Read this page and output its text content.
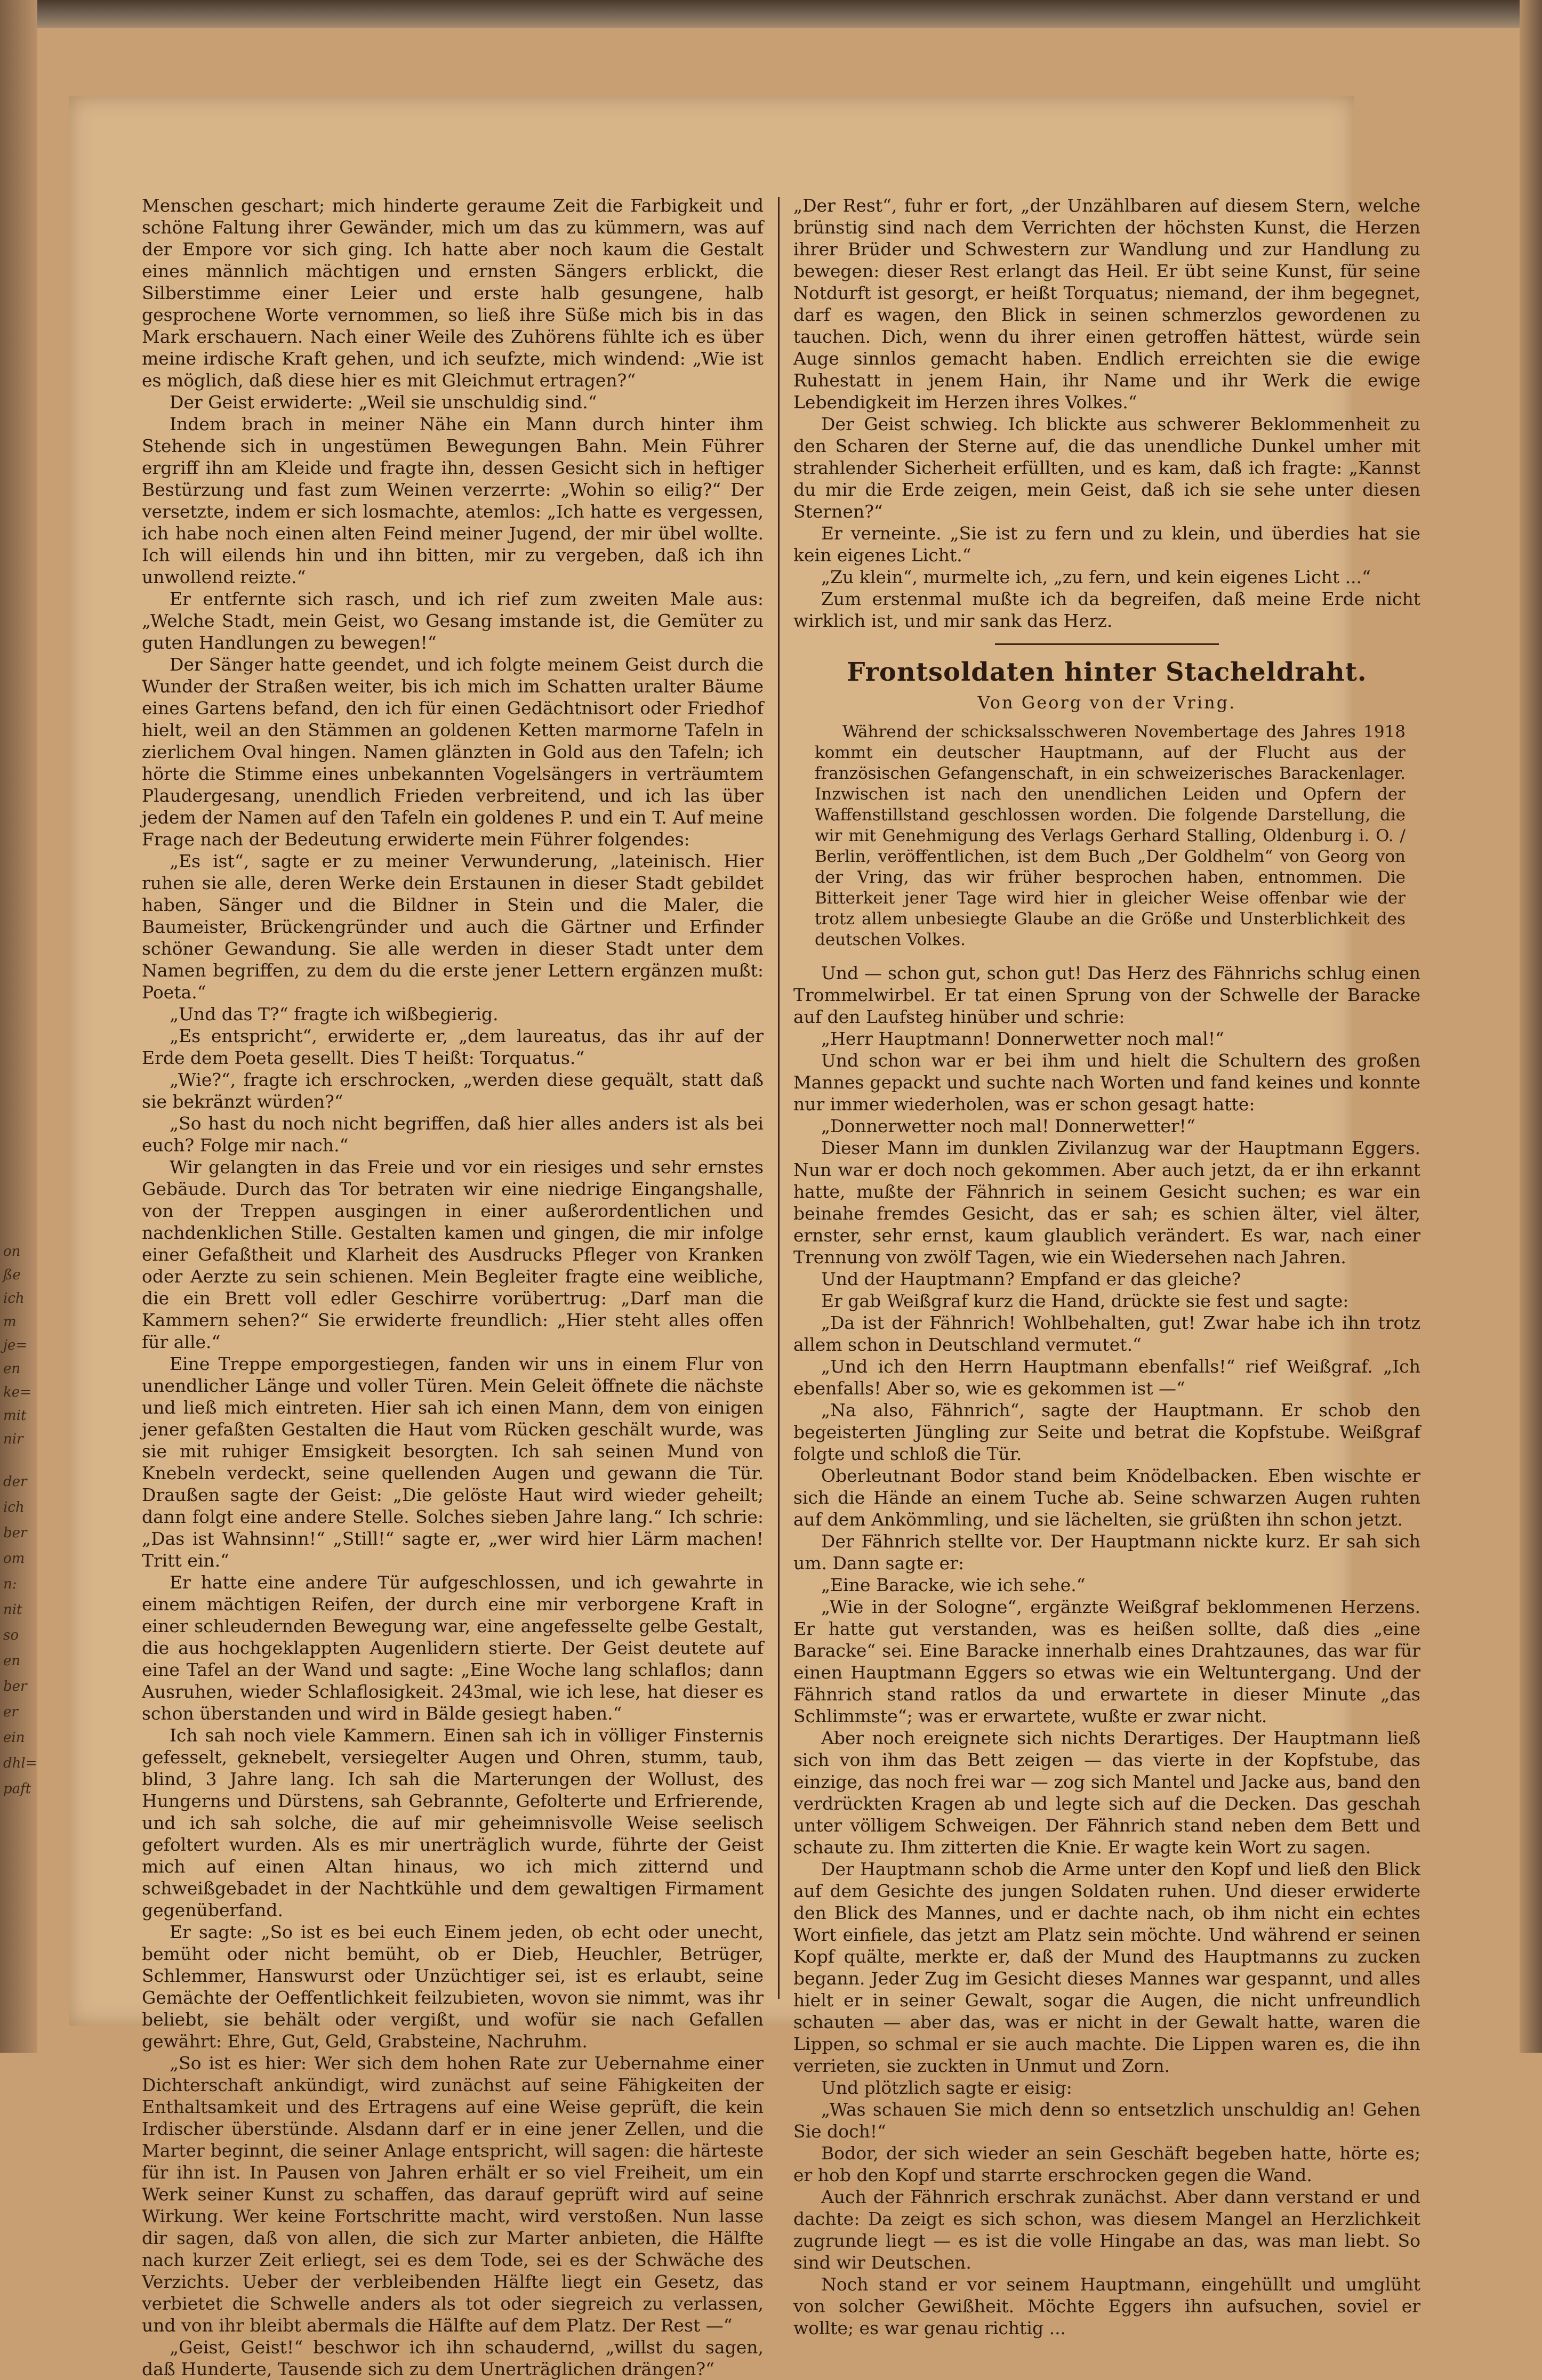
on
ße
ich
m
je=
en
ke=
mit
nir
der
ich
ber
om
n:
nit
so
en
ber
er
ein
dhl=
paft

Menschen geschart; mich hinderte geraume Zeit die Farbigkeit und schöne Faltung ihrer Gewänder, mich um das zu kümmern, was auf der Empore vor sich ging. Ich hatte aber noch kaum die Gestalt eines männlich mächtigen und ernsten Sängers erblickt, die Silberstimme einer Leier und erste halb gesungene, halb gesprochene Worte vernommen, so ließ ihre Süße mich bis in das Mark erschauern. Nach einer Weile des Zuhörens fühlte ich es über meine irdische Kraft gehen, und ich seufzte, mich windend: „Wie ist es möglich, daß diese hier es mit Gleichmut ertragen?“

Der Geist erwiderte: „Weil sie unschuldig sind.“

Indem brach in meiner Nähe ein Mann durch hinter ihm Stehende sich in ungestümen Bewegungen Bahn. Mein Führer ergriff ihn am Kleide und fragte ihn, dessen Gesicht sich in heftiger Bestürzung und fast zum Weinen verzerrte: „Wohin so eilig?“ Der versetzte, indem er sich losmachte, atemlos: „Ich hatte es vergessen, ich habe noch einen alten Feind meiner Jugend, der mir übel wollte. Ich will eilends hin und ihn bitten, mir zu vergeben, daß ich ihn unwollend reizte.“

Er entfernte sich rasch, und ich rief zum zweiten Male aus: „Welche Stadt, mein Geist, wo Gesang imstande ist, die Gemüter zu guten Handlungen zu bewegen!“

Der Sänger hatte geendet, und ich folgte meinem Geist durch die Wunder der Straßen weiter, bis ich mich im Schatten uralter Bäume eines Gartens befand, den ich für einen Gedächtnisort oder Friedhof hielt, weil an den Stämmen an goldenen Ketten marmorne Tafeln in zierlichem Oval hingen. Namen glänzten in Gold aus den Tafeln; ich hörte die Stimme eines unbekannten Vogelsängers in verträumtem Plaudergesang, unendlich Frieden verbreitend, und ich las über jedem der Namen auf den Tafeln ein goldenes P. und ein T. Auf meine Frage nach der Bedeutung erwiderte mein Führer folgendes:

„Es ist“, sagte er zu meiner Verwunderung, „lateinisch. Hier ruhen sie alle, deren Werke dein Erstaunen in dieser Stadt gebildet haben, Sänger und die Bildner in Stein und die Maler, die Baumeister, Brückengründer und auch die Gärtner und Erfinder schöner Gewandung. Sie alle werden in dieser Stadt unter dem Namen begriffen, zu dem du die erste jener Lettern ergänzen mußt: Poeta.“

„Und das T?“ fragte ich wißbegierig.

„Es entspricht“, erwiderte er, „dem laureatus, das ihr auf der Erde dem Poeta gesellt. Dies T heißt: Torquatus.“

„Wie?“, fragte ich erschrocken, „werden diese gequält, statt daß sie bekränzt würden?“

„So hast du noch nicht begriffen, daß hier alles anders ist als bei euch? Folge mir nach.“

Wir gelangten in das Freie und vor ein riesiges und sehr ernstes Gebäude. Durch das Tor betraten wir eine niedrige Eingangshalle, von der Treppen ausgingen in einer außerordentlichen und nachdenklichen Stille. Gestalten kamen und gingen, die mir infolge einer Gefaßtheit und Klarheit des Ausdrucks Pfleger von Kranken oder Aerzte zu sein schienen. Mein Begleiter fragte eine weibliche, die ein Brett voll edler Geschirre vorübertrug: „Darf man die Kammern sehen?“ Sie erwiderte freundlich: „Hier steht alles offen für alle.“

Eine Treppe emporgestiegen, fanden wir uns in einem Flur von unendlicher Länge und voller Türen. Mein Geleit öffnete die nächste und ließ mich eintreten. Hier sah ich einen Mann, dem von einigen jener gefaßten Gestalten die Haut vom Rücken geschält wurde, was sie mit ruhiger Emsigkeit besorgten. Ich sah seinen Mund von Knebeln verdeckt, seine quellenden Augen und gewann die Tür. Draußen sagte der Geist: „Die gelöste Haut wird wieder geheilt; dann folgt eine andere Stelle. Solches sieben Jahre lang.“ Ich schrie: „Das ist Wahnsinn!“ „Still!“ sagte er, „wer wird hier Lärm machen! Tritt ein.“

Er hatte eine andere Tür aufgeschlossen, und ich gewahrte in einem mächtigen Reifen, der durch eine mir verborgene Kraft in einer schleudernden Bewegung war, eine angefesselte gelbe Gestalt, die aus hochgeklappten Augenlidern stierte. Der Geist deutete auf eine Tafel an der Wand und sagte: „Eine Woche lang schlaflos; dann Ausruhen, wieder Schlaflosigkeit. 243mal, wie ich lese, hat dieser es schon überstanden und wird in Bälde gesiegt haben.“

Ich sah noch viele Kammern. Einen sah ich in völliger Finsternis gefesselt, geknebelt, versiegelter Augen und Ohren, stumm, taub, blind, 3 Jahre lang. Ich sah die Marterungen der Wollust, des Hungerns und Dürstens, sah Gebrannte, Gefolterte und Erfrierende, und ich sah solche, die auf mir geheimnisvolle Weise seelisch gefoltert wurden. Als es mir unerträglich wurde, führte der Geist mich auf einen Altan hinaus, wo ich mich zitternd und schweißgebadet in der Nachtkühle und dem gewaltigen Firmament gegenüberfand.

Er sagte: „So ist es bei euch Einem jeden, ob echt oder unecht, bemüht oder nicht bemüht, ob er Dieb, Heuchler, Betrüger, Schlemmer, Hanswurst oder Unzüchtiger sei, ist es erlaubt, seine Gemächte der Oeffentlichkeit feilzubieten, wovon sie nimmt, was ihr beliebt, sie behält oder vergißt, und wofür sie nach Gefallen gewährt: Ehre, Gut, Geld, Grabsteine, Nachruhm.

„So ist es hier: Wer sich dem hohen Rate zur Uebernahme einer Dichterschaft ankündigt, wird zunächst auf seine Fähigkeiten der Enthaltsamkeit und des Ertragens auf eine Weise geprüft, die kein Irdischer überstünde. Alsdann darf er in eine jener Zellen, und die Marter beginnt, die seiner Anlage entspricht, will sagen: die härteste für ihn ist. In Pausen von Jahren erhält er so viel Freiheit, um ein Werk seiner Kunst zu schaffen, das darauf geprüft wird auf seine Wirkung. Wer keine Fortschritte macht, wird verstoßen. Nun lasse dir sagen, daß von allen, die sich zur Marter anbieten, die Hälfte nach kurzer Zeit erliegt, sei es dem Tode, sei es der Schwäche des Verzichts. Ueber der verbleibenden Hälfte liegt ein Gesetz, das verbietet die Schwelle anders als tot oder siegreich zu verlassen, und von ihr bleibt abermals die Hälfte auf dem Platz. Der Rest —“

„Geist, Geist!“ beschwor ich ihn schaudernd, „willst du sagen, daß Hunderte, Tausende sich zu dem Unerträglichen drängen?“

„Der Rest“, fuhr er fort, „der Unzählbaren auf diesem Stern, welche brünstig sind nach dem Verrichten der höchsten Kunst, die Herzen ihrer Brüder und Schwestern zur Wandlung und zur Handlung zu bewegen: dieser Rest erlangt das Heil. Er übt seine Kunst, für seine Notdurft ist gesorgt, er heißt Torquatus; niemand, der ihm begegnet, darf es wagen, den Blick in seinen schmerzlos gewordenen zu tauchen. Dich, wenn du ihrer einen getroffen hättest, würde sein Auge sinnlos gemacht haben. Endlich erreichten sie die ewige Ruhestatt in jenem Hain, ihr Name und ihr Werk die ewige Lebendigkeit im Herzen ihres Volkes.“

Der Geist schwieg. Ich blickte aus schwerer Beklommenheit zu den Scharen der Sterne auf, die das unendliche Dunkel umher mit strahlender Sicherheit erfüllten, und es kam, daß ich fragte: „Kannst du mir die Erde zeigen, mein Geist, daß ich sie sehe unter diesen Sternen?“

Er verneinte. „Sie ist zu fern und zu klein, und überdies hat sie kein eigenes Licht.“

„Zu klein“, murmelte ich, „zu fern, und kein eigenes Licht ...“

Zum erstenmal mußte ich da begreifen, daß meine Erde nicht wirklich ist, und mir sank das Herz.

Frontsoldaten hinter Stacheldraht.
Von Georg von der Vring.

Während der schicksalsschweren Novembertage des Jahres 1918 kommt ein deutscher Hauptmann, auf der Flucht aus der französischen Gefangenschaft, in ein schweizerisches Barackenlager. Inzwischen ist nach den unendlichen Leiden und Opfern der Waffenstillstand geschlossen worden. Die folgende Darstellung, die wir mit Genehmigung des Verlags Gerhard Stalling, Oldenburg i. O. / Berlin, veröffentlichen, ist dem Buch „Der Goldhelm“ von Georg von der Vring, das wir früher besprochen haben, entnommen. Die Bitterkeit jener Tage wird hier in gleicher Weise offenbar wie der trotz allem unbesiegte Glaube an die Größe und Unsterblichkeit des deutschen Volkes.

Und — schon gut, schon gut! Das Herz des Fähnrichs schlug einen Trommelwirbel. Er tat einen Sprung von der Schwelle der Baracke auf den Laufsteg hinüber und schrie:

„Herr Hauptmann! Donnerwetter noch mal!“

Und schon war er bei ihm und hielt die Schultern des großen Mannes gepackt und suchte nach Worten und fand keines und konnte nur immer wiederholen, was er schon gesagt hatte:

„Donnerwetter noch mal! Donnerwetter!“

Dieser Mann im dunklen Zivilanzug war der Hauptmann Eggers. Nun war er doch noch gekommen. Aber auch jetzt, da er ihn erkannt hatte, mußte der Fähnrich in seinem Gesicht suchen; es war ein beinahe fremdes Gesicht, das er sah; es schien älter, viel älter, ernster, sehr ernst, kaum glaublich verändert. Es war, nach einer Trennung von zwölf Tagen, wie ein Wiedersehen nach Jahren.

Und der Hauptmann? Empfand er das gleiche?

Er gab Weißgraf kurz die Hand, drückte sie fest und sagte:

„Da ist der Fähnrich! Wohlbehalten, gut! Zwar habe ich ihn trotz allem schon in Deutschland vermutet.“

„Und ich den Herrn Hauptmann ebenfalls!“ rief Weißgraf. „Ich ebenfalls! Aber so, wie es gekommen ist —“

„Na also, Fähnrich“, sagte der Hauptmann. Er schob den begeisterten Jüngling zur Seite und betrat die Kopfstube. Weißgraf folgte und schloß die Tür.

Oberleutnant Bodor stand beim Knödelbacken. Eben wischte er sich die Hände an einem Tuche ab. Seine schwarzen Augen ruhten auf dem Ankömmling, und sie lächelten, sie grüßten ihn schon jetzt.

Der Fähnrich stellte vor. Der Hauptmann nickte kurz. Er sah sich um. Dann sagte er:

„Eine Baracke, wie ich sehe.“

„Wie in der Sologne“, ergänzte Weißgraf beklommenen Herzens. Er hatte gut verstanden, was es heißen sollte, daß dies „eine Baracke“ sei. Eine Baracke innerhalb eines Drahtzaunes, das war für einen Hauptmann Eggers so etwas wie ein Weltuntergang. Und der Fähnrich stand ratlos da und erwartete in dieser Minute „das Schlimmste“; was er erwartete, wußte er zwar nicht.

Aber noch ereignete sich nichts Derartiges. Der Hauptmann ließ sich von ihm das Bett zeigen — das vierte in der Kopfstube, das einzige, das noch frei war — zog sich Mantel und Jacke aus, band den verdrückten Kragen ab und legte sich auf die Decken. Das geschah unter völligem Schweigen. Der Fähnrich stand neben dem Bett und schaute zu. Ihm zitterten die Knie. Er wagte kein Wort zu sagen.

Der Hauptmann schob die Arme unter den Kopf und ließ den Blick auf dem Gesichte des jungen Soldaten ruhen. Und dieser erwiderte den Blick des Mannes, und er dachte nach, ob ihm nicht ein echtes Wort einfiele, das jetzt am Platz sein möchte. Und während er seinen Kopf quälte, merkte er, daß der Mund des Hauptmanns zu zucken begann. Jeder Zug im Gesicht dieses Mannes war gespannt, und alles hielt er in seiner Gewalt, sogar die Augen, die nicht unfreundlich schauten — aber das, was er nicht in der Gewalt hatte, waren die Lippen, so schmal er sie auch machte. Die Lippen waren es, die ihn verrieten, sie zuckten in Unmut und Zorn.

Und plötzlich sagte er eisig:

„Was schauen Sie mich denn so entsetzlich unschuldig an! Gehen Sie doch!“

Bodor, der sich wieder an sein Geschäft begeben hatte, hörte es; er hob den Kopf und starrte erschrocken gegen die Wand.

Auch der Fähnrich erschrak zunächst. Aber dann verstand er und dachte: Da zeigt es sich schon, was diesem Mangel an Herzlichkeit zugrunde liegt — es ist die volle Hingabe an das, was man liebt. So sind wir Deutschen.

Noch stand er vor seinem Hauptmann, eingehüllt und umglüht von solcher Gewißheit. Möchte Eggers ihn aufsuchen, soviel er wollte; es war genau richtig ...
